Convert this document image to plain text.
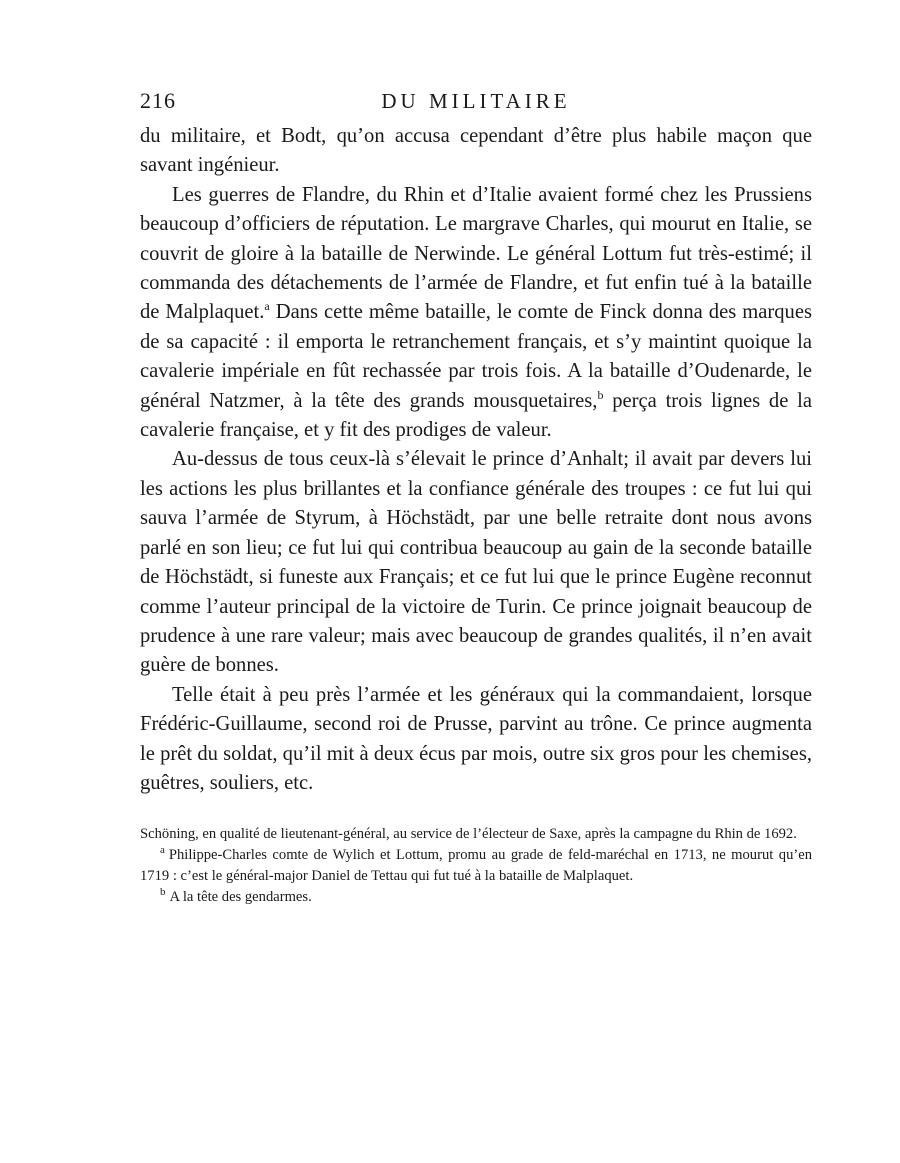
216	DU MILITAIRE

du militaire, et Bodt, qu’on accusa cependant d’être plus habile maçon que savant ingénieur.

Les guerres de Flandre, du Rhin et d’Italie avaient formé chez les Prussiens beaucoup d’officiers de réputation. Le margrave Charles, qui mourut en Italie, se couvrit de gloire à la bataille de Nerwinde. Le général Lottum fut très-estimé; il commanda des détachements de l’armée de Flandre, et fut enfin tué à la bataille de Malplaquet.$^a$ Dans cette même bataille, le comte de Finck donna des marques de sa capacité : il emporta le retranchement français, et s’y maintint quoique la cavalerie impériale en fût rechassée par trois fois. A la bataille d’Oudenarde, le général Natzmer, à la tête des grands mousquetaires,$^b$ perça trois lignes de la cavalerie française, et y fit des prodiges de valeur.

Au-dessus de tous ceux-là s’élevait le prince d’Anhalt; il avait par devers lui les actions les plus brillantes et la confiance générale des troupes : ce fut lui qui sauva l’armée de Styrum, à Höchstädt, par une belle retraite dont nous avons parlé en son lieu; ce fut lui qui contribua beaucoup au gain de la seconde bataille de Höchstädt, si funeste aux Français; et ce fut lui que le prince Eugène reconnut comme l’auteur principal de la victoire de Turin. Ce prince joignait beaucoup de prudence à une rare valeur; mais avec beaucoup de grandes qualités, il n’en avait guère de bonnes.

Telle était à peu près l’armée et les généraux qui la commandaient, lorsque Frédéric-Guillaume, second roi de Prusse, parvint au trône. Ce prince augmenta le prêt du soldat, qu’il mit à deux écus par mois, outre six gros pour les chemises, guêtres, souliers, etc.

Schöning, en qualité de lieutenant-général, au service de l’électeur de Saxe, après la campagne du Rhin de 1692.

$^a$ Philippe-Charles comte de Wylich et Lottum, promu au grade de feld-maréchal en 1713, ne mourut qu’en 1719 : c’est le général-major Daniel de Tettau qui fut tué à la bataille de Malplaquet.

$^b$ A la tête des gendarmes.
